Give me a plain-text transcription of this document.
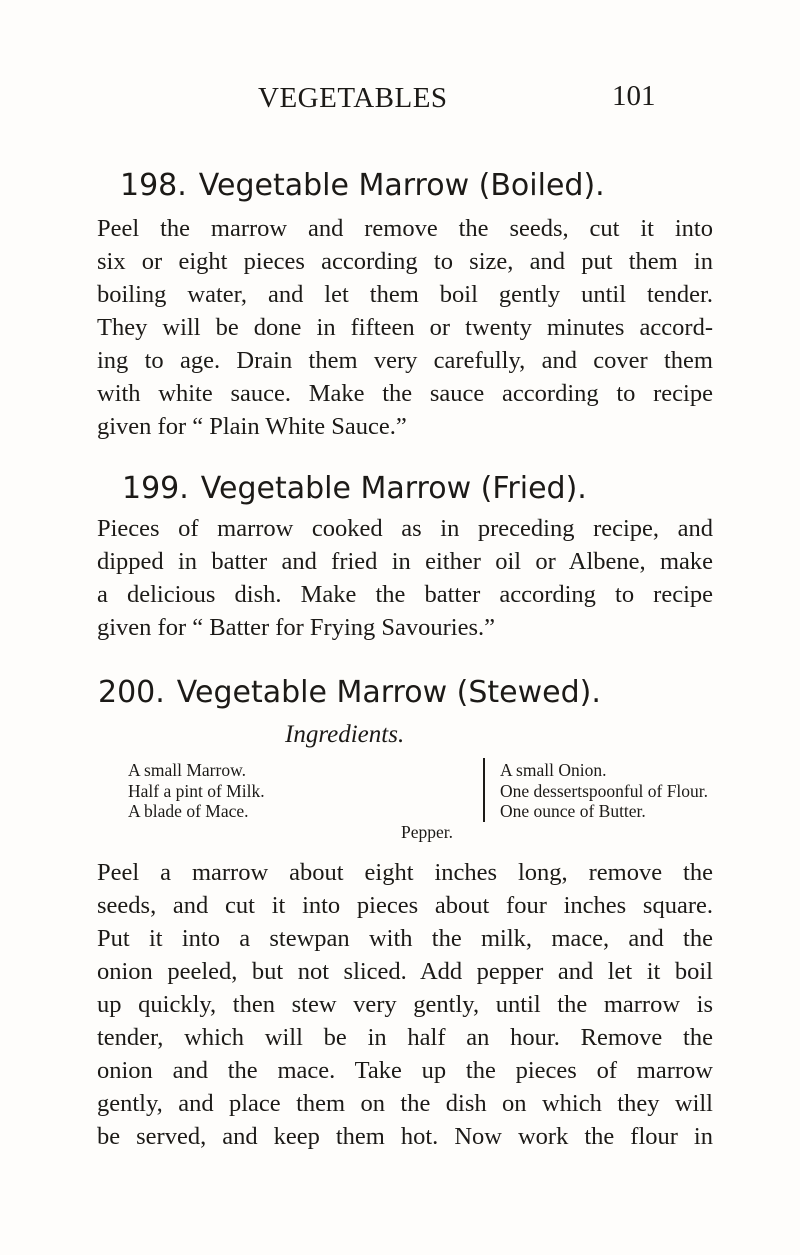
VEGETABLES	101
198. Vegetable Marrow (Boiled).
Peel the marrow and remove the seeds, cut it into
six or eight pieces according to size, and put them in
boiling water, and let them boil gently until tender.
They will be done in fifteen or twenty minutes accord-
ing to age. Drain them very carefully, and cover them
with white sauce. Make the sauce according to recipe
given for “ Plain White Sauce.”
199. Vegetable Marrow (Fried).
Pieces of marrow cooked as in preceding recipe, and
dipped in batter and fried in either oil or Albene, make
a delicious dish. Make the batter according to recipe
given for “ Batter for Frying Savouries.”
200. Vegetable Marrow (Stewed).
Ingredients.
A small Marrow.
Half a pint of Milk.
A blade of Mace.
A small Onion.
One dessertspoonful of Flour.
One ounce of Butter.
Pepper.
Peel a marrow about eight inches long, remove the
seeds, and cut it into pieces about four inches square.
Put it into a stewpan with the milk, mace, and the
onion peeled, but not sliced. Add pepper and let it boil
up quickly, then stew very gently, until the marrow is
tender, which will be in half an hour. Remove the
onion and the mace. Take up the pieces of marrow
gently, and place them on the dish on which they will
be served, and keep them hot. Now work the flour in
